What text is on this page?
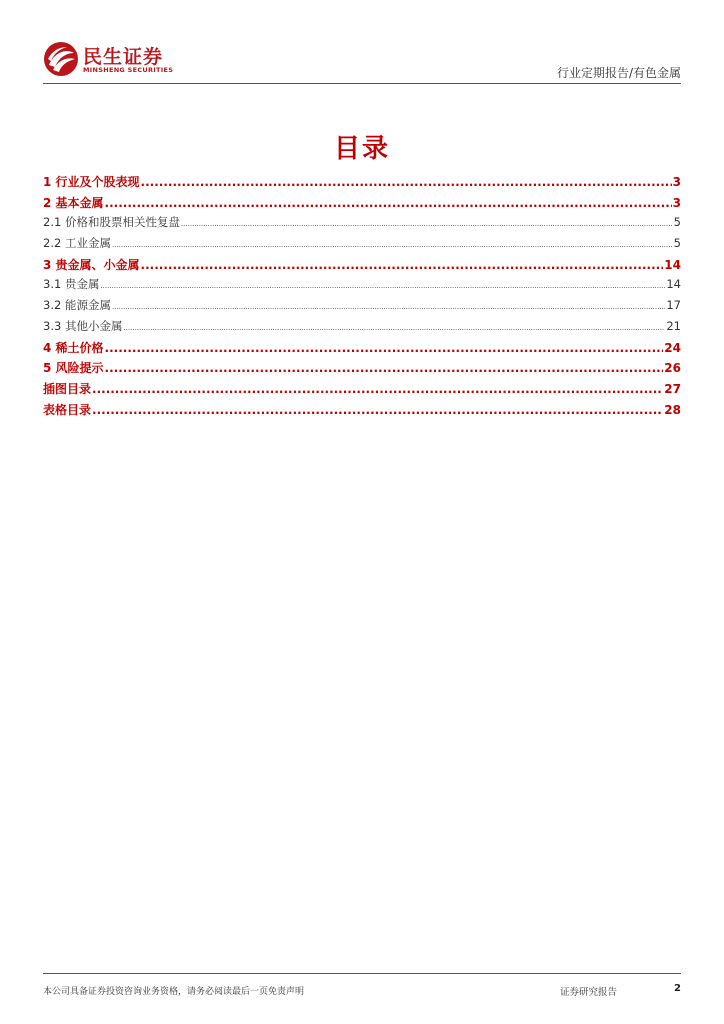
民生证券
MINSHENG SECURITIES	行业定期报告/有色金属
目录
1 行业及个股表现 .....	3
2 基本金属 .....	3
2.1 价格和股票相关性复盘 .....	5
2.2 工业金属 .....	5
3 贵金属、小金属 .....	14
3.1 贵金属 .....	14
3.2 能源金属 .....	17
3.3 其他小金属 .....	21
4 稀土价格 .....	24
5 风险提示 .....	26
插图目录 .....	27
表格目录 .....	28
本公司具备证券投资咨询业务资格，请务必阅读最后一页免责声明	证券研究报告	2
